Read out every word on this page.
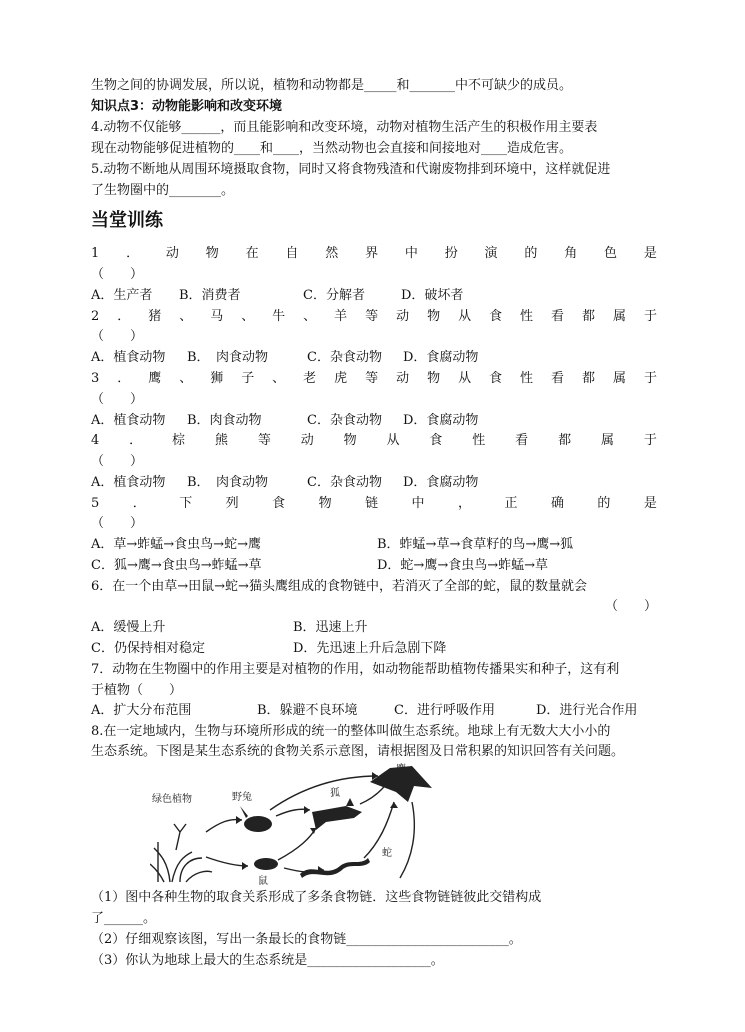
生物之间的协调发展，所以说，植物和动物都是_____和_______中不可缺少的成员。
知识点3：动物能影响和改变环境
4.动物不仅能够______，而且能影响和改变环境，动物对植物生活产生的积极作用主要表
现在动物能够促进植物的____和____，当然动物也会直接和间接地对____造成危害。
5.动物不断地从周围环境摄取食物，同时又将食物残渣和代谢废物排到环境中，这样就促进
了生物圈中的________。
当堂训练
1 ． 动 物 在 自 然 界 中 扮 演 的 角 色 是
（　　）
A．生产者	B．消费者	C．分解者	D．破坏者
2 ． 猪 、 马 、 牛 、 羊 等 动 物 从 食 性 看 都 属 于
（　　）
A．植食动物	B．　肉食动物	C．杂食动物	D．食腐动物
3 ． 鹰 、 狮 子 、 老 虎 等 动 物 从 食 性 看 都 属 于
（　　）
A．植食动物	B．肉食动物	C．杂食动物	D．食腐动物
4 ． 棕 熊 等 动 物 从 食 性 看 都 属 于
（　　）
A．植食动物	B．　肉食动物	C．杂食动物	D．食腐动物
5	．	下	列	食	物	链	中	，	正	确	的	是
（　　）
A．草→蚱蜢→食虫鸟→蛇→鹰	B．蚱蜢→草→食草籽的鸟→鹰→狐
C．狐→鹰→食虫鸟→蚱蜢→草	D．蛇→鹰→食虫鸟→蚱蜢→草
6．在一个由草→田鼠→蛇→猫头鹰组成的食物链中，若消灭了全部的蛇，鼠的数量就会
（　　）
A．缓慢上升	B．迅速上升
C．仍保持相对稳定	D．先迅速上升后急剧下降
7．动物在生物圈中的作用主要是对植物的作用，如动物能帮助植物传播果实和种子，这有利
于植物（　　）
A．扩大分布范围	B．躲避不良环境	C．进行呼吸作用	D．进行光合作用
8.在一定地域内，生物与环境所形成的统一的整体叫做生态系统。地球上有无数大大小小的
生态系统。下图是某生态系统的食物关系示意图，请根据图及日常积累的知识回答有关问题。
绿色植物	野兔	狐
鹰
蛇
鼠
（1）图中各种生物的取食关系形成了多条食物链．这些食物链链彼此交错构成
了______。
（2）仔细观察该图，写出一条最长的食物链_________________________。
（3）你认为地球上最大的生态系统是___________________。
